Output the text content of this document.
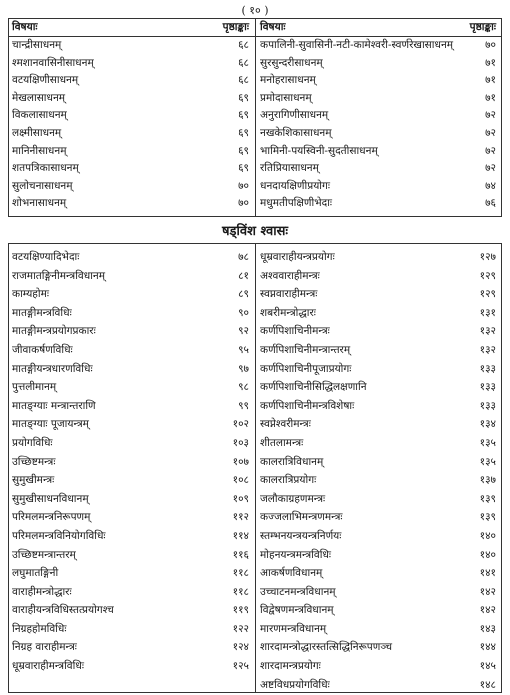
( १० )
विषयाः	पृष्ठाङ्काः
चान्द्रीसाधनम्	६८
श्मशानवासिनीसाधनम्	६८
वटयक्षिणीसाधनम्	६८
मेखलासाधनम्	६९
विकलासाधनम्	६९
लक्ष्मीसाधनम्	६९
मानिनीसाधनम्	६९
शतपत्रिकासाधनम्	६९
सुलोचनासाधनम्	७०
शोभनासाधनम्	७०
विषयाः	पृष्ठाङ्काः
कपालिनी-सुवासिनी-नटी-कामेश्वरी-स्वर्णरेखासाधनम्	७०
सुरसुन्दरीसाधनम्	७१
मनोहरासाधनम्	७१
प्रमोदासाधनम्	७१
अनुरागिणीसाधनम्	७२
नखकेशिकासाधनम्	७२
भामिनी-पयस्विनी-सुदतीसाधनम्	७२
रतिप्रियासाधनम्	७२
धनदायक्षिणीप्रयोगः	७४
मधुमतीपक्षिणीभेदाः	७६
षड्‌विंश श्वासः
वटयक्षिण्यादिभेदाः	७८
राजमातङ्गिनीमन्त्रविधानम्	८१
काम्यहोमः	८९
मातङ्गीमन्त्रविधिः	९०
मातङ्गीमन्त्रप्रयोगप्रकारः	९२
जीवाकर्षणविधिः	९५
मातङ्गीयन्त्रधारणविधिः	९७
पुत्तलीमानम्	९८
मातङ्ग्याः मन्त्रान्तराणि	९९
मातङ्ग्याः पूजायन्त्रम्	१०२
प्रयोगविधिः	१०३
उच्छिष्टमन्त्रः	१०७
सुमुखीमन्त्रः	१०८
सुमुखीसाधनविधानम्	१०९
परिमलमन्त्रनिरूपणम्	११२
परिमलमन्त्रविनियोगविधिः	११४
उच्छिष्टमन्त्रान्तरम्	११६
लघुमातङ्गिनी	११८
वाराहीमन्त्रोद्धारः	११८
वाराहीयन्त्रविधिस्तत्प्रयोगश्च	११९
निग्रहहोमविधिः	१२२
निग्रह वाराहीमन्त्रः	१२४
धूम्रवाराहीमन्त्रविधिः	१२५
धूम्रवाराहीयन्त्रप्रयोगः	१२७
अश्ववाराहीमन्त्रः	१२९
स्वप्नवाराहीमन्त्रः	१२९
शबरीमन्त्रोद्धारः	१३१
कर्णपिशाचिनीमन्त्रः	१३२
कर्णपिशाचिनीमन्त्रान्तरम्	१३२
कर्णपिशाचिनीपूजाप्रयोगः	१३३
कर्णपिशाचिनीसिद्धिलक्षणानि	१३३
कर्णपिशाचिनीमन्त्रविशेषाः	१३३
स्वप्नेश्वरीमन्त्रः	१३४
शीतलामन्त्रः	१३५
कालरात्रिविधानम्	१३५
कालरात्रिप्रयोगः	१३७
जलौकाग्रहणमन्त्रः	१३९
कज्जलाभिमन्त्रणमन्त्रः	१३९
स्तम्भनयन्त्रयन्त्रनिर्णयः	१४०
मोहनयन्त्रमन्त्रविधिः	१४०
आकर्षणविधानम्	१४१
उच्चाटनमन्त्रविधानम्	१४२
विद्वेषणमन्त्रविधानम्	१४२
मारणमन्त्रविधानम्	१४३
शारदामन्त्रोद्धारस्तत्सिद्धिनिरूपणञ्च	१४४
शारदामन्त्रप्रयोगः	१४५
अष्टविधप्रयोगविधिः	१४८
